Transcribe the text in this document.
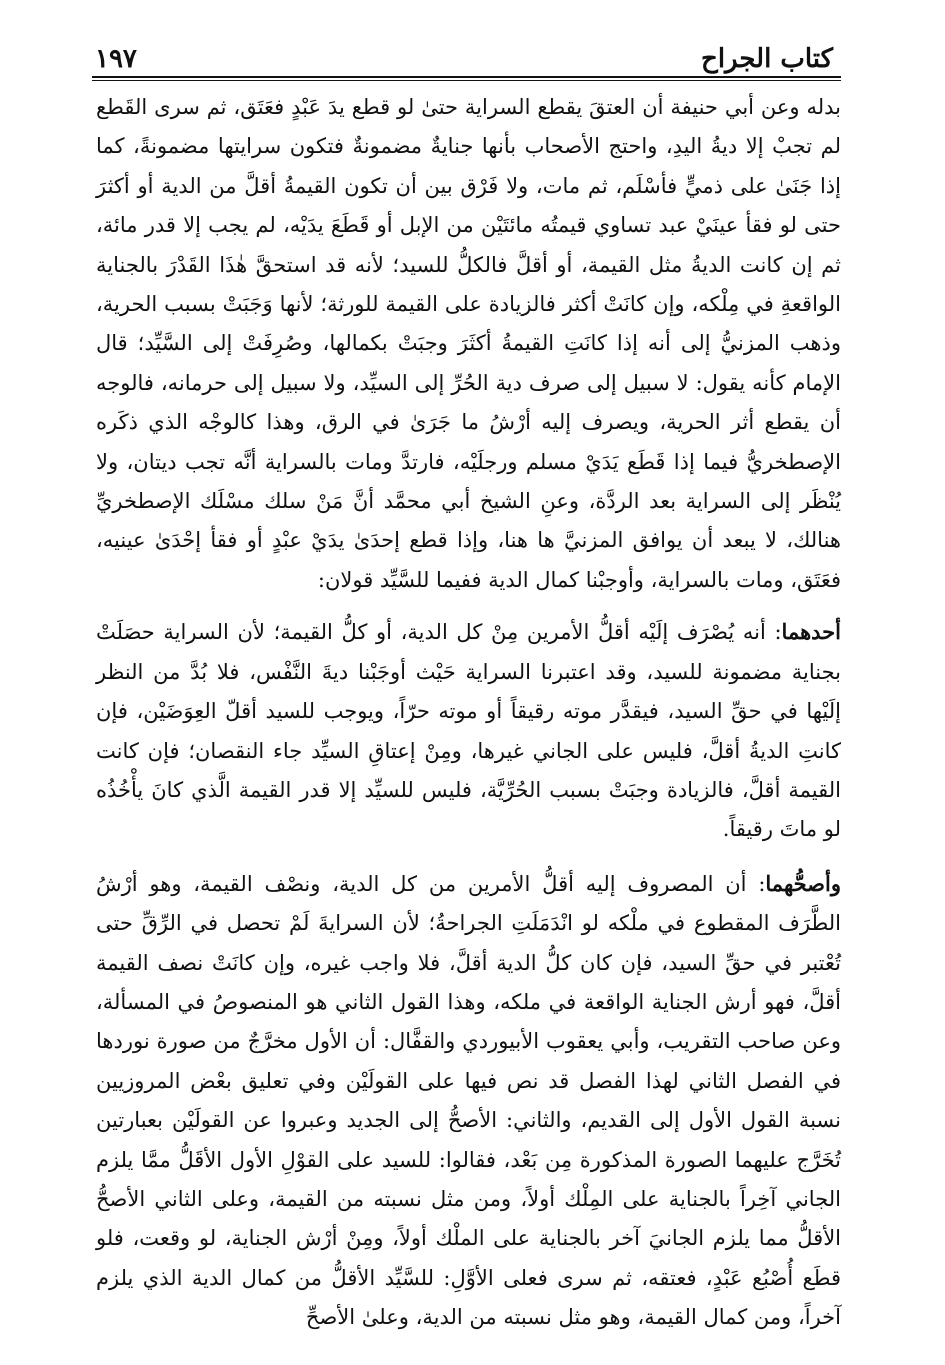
١٩٧	كتاب الجراح

بدله وعن أبي حنيفة أن العتقَ يقطع السراية حتىٰ لو قطع يدَ عَبْدٍ فعَتَق، ثم سرى القَطع لم تجبْ إلا ديةُ اليدِ، واحتج الأصحاب بأنها جنايةٌ مضمونةٌ فتكون سرايتها مضمونةً، كما إذا جَنَىٰ على ذميٍّ فأسْلَم، ثم مات، ولا فَرْق بين أن تكون القيمةُ أقلَّ من الدية أو أكثرَ حتى لو فقأ عينَيْ عبد تساوي قيمتُه مائتَيْن من الإبل أو قَطَعَ يدَيْه، لم يجب إلا قدر مائة، ثم إن كانت الديةُ مثل القيمة، أو أقلَّ فالكلُّ للسيد؛ لأنه قد استحقَّ هٰذَا القَدْرَ بالجناية الواقعةِ في مِلْكه، وإن كانَتْ أكثر فالزيادة على القيمة للورثة؛ لأنها وَجَبَتْ بسبب الحرية، وذهب المزنيُّ إلى أنه إذا كانَتِ القيمةُ أكثَرَ وجبَتْ بكمالها، وصُرِفَتْ إلى السَّيِّد؛ قال الإمام كأنه يقول: لا سبيل إلى صرف دية الحُرِّ إلى السيِّد، ولا سبيل إلى حرمانه، فالوجه أن يقطع أثر الحرية، ويصرف إليه أرْشُ ما جَرَىٰ في الرق، وهذا كالوجْه الذي ذكَره الإصطخريُّ فيما إذا قَطَع يَدَيْ مسلم ورجلَيْه، فارتدَّ ومات بالسراية أنَّه تجب ديتان، ولا يُنْظَر إلى السراية بعد الردَّة، وعنِ الشيخ أبي محمَّد أنَّ مَنْ سلك مسْلَك الإصطخريِّ هنالك، لا يبعد أن يوافق المزنيَّ ها هنا، وإذا قطع إحدَىٰ يدَيْ عبْدٍ أو فقأ إحْدَىٰ عينيه، فعَتَق، ومات بالسراية، وأوجبْنا كمال الدية ففيما للسَّيِّد قولان:

أحدهما: أنه يُصْرَف إلَيْه أقلُّ الأمرين مِنْ كل الدية، أو كلُّ القيمة؛ لأن السراية حصَلَتْ بجناية مضمونة للسيد، وقد اعتبرنا السراية حَيْث أوجَبْنا ديةَ النَّفْس، فلا بُدَّ من النظر إلَيْها في حقِّ السيد، فيقدَّر موته رقيقاً أو موته حرّاً، ويوجب للسيد أقلّ العِوَضَيْن، فإن كانتِ الديةُ أقلَّ، فليس على الجاني غيرها، ومِنْ إعتاقِ السيِّد جاء النقصان؛ فإن كانت القيمة أقلَّ، فالزيادة وجبَتْ بسبب الحُرِّيَّة، فليس للسيِّد إلا قدر القيمة الَّذي كانَ يأْخُذُه لو ماتَ رقيقاً.

وأصحُّهما: أن المصروف إليه أقلُّ الأمرين من كل الدية، ونصْف القيمة، وهو أرْشُ الطَّرَف المقطوع في ملْكه لو انْدَمَلَتِ الجراحةُ؛ لأن السرايةَ لَمْ تحصل في الرِّقِّ حتى تُعْتبر في حقِّ السيد، فإن كان كلُّ الدية أقلَّ، فلا واجب غيره، وإن كانَتْ نصف القيمة أقلَّ، فهو أرش الجناية الواقعة في ملكه، وهذا القول الثاني هو المنصوصُ في المسألة، وعن صاحب التقريب، وأبي يعقوب الأبيوردي والقفَّال: أن الأول مخرَّجٌ من صورة نوردها في الفصل الثاني لهذا الفصل قد نص فيها على القولَيْن وفي تعليق بعْض المروزيين نسبة القول الأول إلى القديم، والثاني: الأصحُّ إلى الجديد وعبروا عن القولَيْن بعبارتين تُخَرَّج عليهما الصورة المذكورة مِن بَعْد، فقالوا: للسيد على القوْلِ الأول الأقَلُّ ممَّا يلزم الجاني آخِراً بالجناية على المِلْك أولاً، ومن مثل نسبته من القيمة، وعلى الثاني الأصحُّ الأقلُّ مما يلزم الجانيَ آخر بالجناية على الملْك أولاً، ومِنْ أرْش الجناية، لو وقعت، فلو قطَع أُصْبُع عَبْدٍ، فعتقه، ثم سرى فعلى الأوَّلِ: للسَّيِّد الأقلُّ من كمال الدية الذي يلزم آخراً، ومن كمال القيمة، وهو مثل نسبته من الدية، وعلىٰ الأصحِّ
